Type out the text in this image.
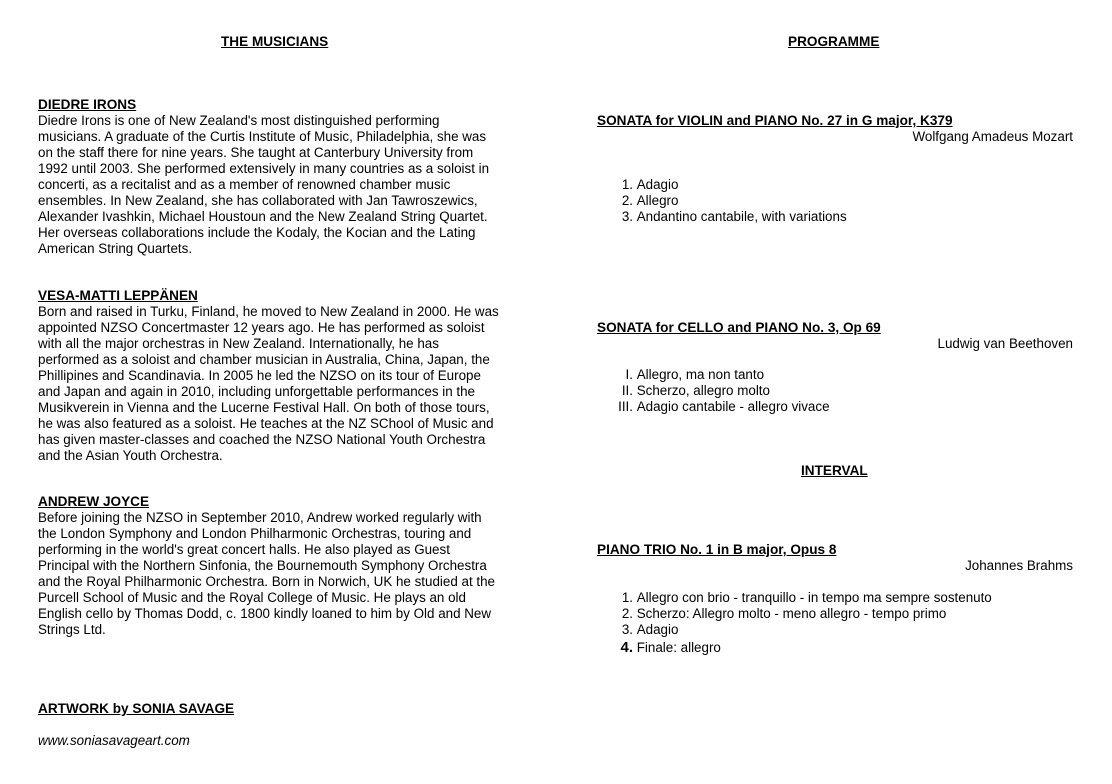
THE MUSICIANS
DIEDRE IRONS
Diedre Irons is one of New Zealand's most distinguished performing
musicians. A graduate of the Curtis Institute of Music, Philadelphia, she was
on the staff there for nine years. She taught at Canterbury University from
1992 until 2003. She performed extensively in many countries as a soloist in
concerti, as a recitalist and as a member of renowned chamber music
ensembles. In New Zealand, she has collaborated with Jan Tawroszewics,
Alexander Ivashkin, Michael Houstoun and the New Zealand String Quartet.
Her overseas collaborations include the Kodaly, the Kocian and the Lating
American String Quartets.
VESA-MATTI LEPPÄNEN
Born and raised in Turku, Finland, he moved to New Zealand in 2000. He was
appointed NZSO Concertmaster 12 years ago. He has performed as soloist
with all the major orchestras in New Zealand. Internationally, he has
performed as a soloist and chamber musician in Australia, China, Japan, the
Phillipines and Scandinavia. In 2005 he led the NZSO on its tour of Europe
and Japan and again in 2010, including unforgettable performances in the
Musikverein in Vienna and the Lucerne Festival Hall. On both of those tours,
he was also featured as a soloist. He teaches at the NZ SChool of Music and
has given master-classes and coached the NZSO National Youth Orchestra
and the Asian Youth Orchestra.
ANDREW JOYCE
Before joining the NZSO in September 2010, Andrew worked regularly with
the London Symphony and London Philharmonic Orchestras, touring and
performing in the world's great concert halls. He also played as Guest
Principal with the Northern Sinfonia, the Bournemouth Symphony Orchestra
and the Royal Philharmonic Orchestra. Born in Norwich, UK he studied at the
Purcell School of Music and the Royal College of Music. He plays an old
English cello by Thomas Dodd, c. 1800 kindly loaned to him by Old and New
Strings Ltd.
ARTWORK by SONIA SAVAGE
www.soniasavageart.com
PROGRAMME
SONATA for VIOLIN and PIANO No. 27 in G major, K379
Wolfgang Amadeus Mozart
1.
Adagio
2.
Allegro
3.
Andantino cantabile, with variations
SONATA for CELLO and PIANO No. 3, Op 69
Ludwig van Beethoven
I.
Allegro, ma non tanto
II.
Scherzo, allegro molto
III.
Adagio cantabile - allegro vivace
INTERVAL
PIANO TRIO No. 1 in B major, Opus 8
Johannes Brahms
1.
Allegro con brio - tranquillo - in tempo ma sempre sostenuto
2.
Scherzo: Allegro molto - meno allegro - tempo primo
3.
Adagio
4.
Finale: allegro
